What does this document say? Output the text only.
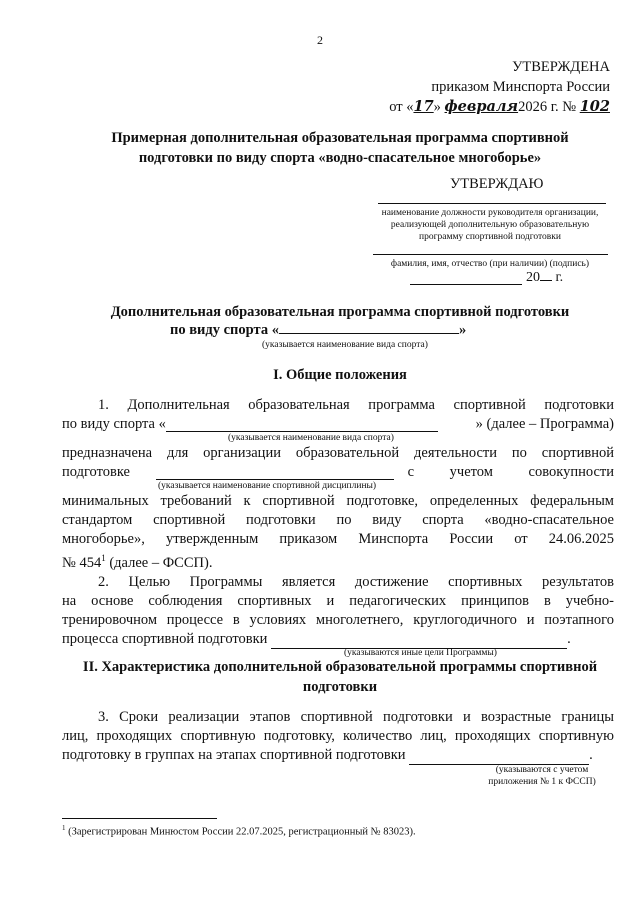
2
УТВЕРЖДЕНА
приказом Минспорта России
от «17» февраля2026 г. № 102
Примерная дополнительная образовательная программа спортивной
подготовки по виду спорта «водно-спасательное многоборье»
УТВЕРЖДАЮ
наименование должности руководителя организации, реализующей дополнительную образовательную программу спортивной подготовки
фамилия, имя, отчество (при наличии) (подпись)
20 г.
Дополнительная образовательная программа спортивной подготовки
по виду спорта «	»
(указывается наименование вида спорта)
I. Общие положения
1. Дополнительная образовательная программа спортивной подготовки
по виду спорта «	» (далее – Программа)
(указывается наименование вида спорта)
предназначена для организации образовательной деятельности по спортивной
подготовке	с учетом совокупности
(указывается наименование спортивной дисциплины)
минимальных требований к спортивной подготовке, определенных федеральным
стандартом спортивной подготовки по виду спорта «водно-спасательное
многоборье», утвержденным приказом Минспорта России от 24.06.2025
№ $454^1$ (далее – ФССП).
2. Целью Программы является достижение спортивных результатов
на основе соблюдения спортивных и педагогических принципов в учебно-
тренировочном процессе в условиях многолетнего, круглогодичного и поэтапного
процесса спортивной подготовки	.
(указываются иные цели Программы)
II. Характеристика дополнительной образовательной программы спортивной
подготовки
3. Сроки реализации этапов спортивной подготовки и возрастные границы
лиц, проходящих спортивную подготовку, количество лиц, проходящих спортивную
подготовку в группах на этапах спортивной подготовки	.
(указываются с учетом
приложения № 1 к ФССП)
$^1$ (Зарегистрирован Минюстом России 22.07.2025, регистрационный № 83023).
